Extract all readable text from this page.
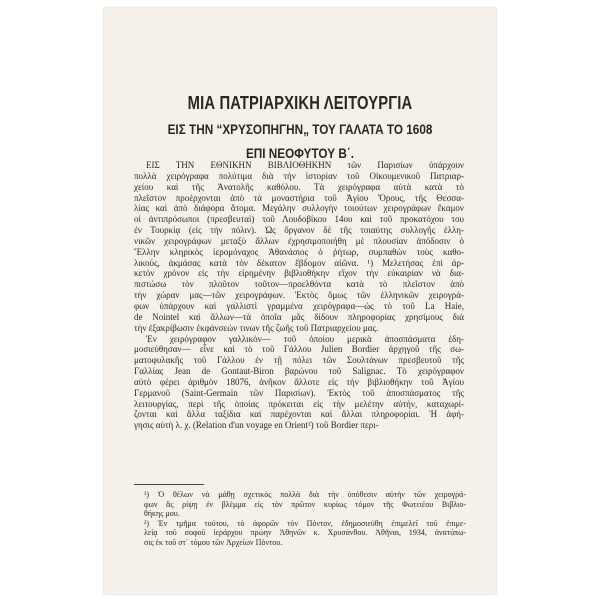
ΜΙΑ ΠΑΤΡΙΑΡΧΙΚΗ ΛΕΙΤΟΥΡΓΙΑ
ΕΙΣ ΤΗΝ “ΧΡΥΣΟΠΗΓΗΝ„ ΤΟΥ ΓΑΛΑΤΑ ΤΟ 1608
ΕΠΙ ΝΕΟΦΥΤΟΥ Β΄.
ΕΙΣ ΤΗΝ ΕΘΝΙΚΗΝ ΒΙΒΛΙΟΘΗΚΗΝ τῶν Παρισίων ὑπάρχουν
πολλὰ χειρόγραφα πολύτιμα διὰ τὴν ἱστορίαν τοῦ Οἰκουμενικοῦ Πατριαρ-
χείου καὶ τῆς Ἀνατολῆς καθόλου. Τὰ χειρόγραφα αὐτὰ κατὰ τὸ
πλεῖστον προέρχονται ἀπὸ τὰ μοναστήρια τοῦ Ἁγίου Ὄρους, τῆς Θεσσα-
λίας καὶ ἀπὸ διάφορα ἄτομα. Μεγάλην συλλογὴν τοιούτων χειρογράφων ἔκαμον
οἱ ἀντιπρόσωποι (πρεσβευταὶ) τοῦ Λουδοβίκου 14ου καὶ τοῦ προκατόχου του
ἐν Τουρκίᾳ (εἰς τὴν πόλιν). Ὡς ὄργανον δὲ τῆς τοιαύτης συλλογῆς ἑλλη-
νικῶν χειρογράφων μεταξὺ ἄλλων ἐχρησιμοποιήθη μὲ πλουσίαν ἀπόδοσιν ὁ
Ἕλλην κληρικὸς ἱερομόναχος Ἀθανάσιος ὁ ῥήτωρ, συμπαθὼν τοὺς καθο-
λικούς, ἀκμάσας κατὰ τὸν δέκατον ἕβδομον αἰῶνα. ¹) Μελετήσας ἐπὶ ἀρ-
κετὸν χρόνον εἰς τὴν εἰρημένην βιβλιοθήκην εἴχον τὴν εὐκαιρίαν νὰ δια-
πιστώσω τὸν πλοῦτον τοῦτον—προελθόντα κατὰ τὸ πλεῖστον ἀπὸ
τὴν χώραν μας—τῶν χειρογράφων. Ἐκτὸς ὅμως τῶν ἑλληνικῶν χειρογρά-
φων ὑπάρχουν καὶ γαλλιστὶ γραμμένα χειρόγραφα—ὡς τὸ τοῦ La Haie,
de Nointel καὶ ἄλλων—τὰ ὁποῖα μᾶς δίδουν πληροφορίας χρησίμους διὰ
τὴν ἐξακρίβωσιν ἐκφάνσεών τινων τῆς ζωῆς τοῦ Πατριαρχείου μας.
Ἐν χειρόγραφον γαλλικὸν— τοῦ ὁποίου μερικὰ ἀποσπάσματα ἐδη-
μοσιεύθησαν— εἶνε καὶ τὸ τοῦ Γάλλου Julien Bordier ἀρχηγοῦ τῆς σω-
ματοφυλακῆς τοῦ Γάλλου ἐν τῇ πόλει τῶν Σουλτάνων πρεσβευτοῦ τῆς
Γαλλίας Jean de Gontaut-Biron βαρώνου τοῦ Salignac. Τὸ χειρόγραφον
αὐτὸ φέρει ἀριθμὸν 18076, ἀνῆκον ἄλλοτε εἰς τὴν βιβλιοθήκην τοῦ Ἁγίου
Γερμανοῦ (Saint-Germain τῶν Παρισίων). Ἐκτὸς τοῦ ἀποσπάσματος τῆς
λειτουργίας, περὶ τῆς ὁποίας πρόκειται εἰς τὴν μελέτην αὐτήν, καταχωρί-
ζονται καὶ ἄλλα ταξίδια καὶ παρέχονται καὶ ἄλλαι πληροφορίαι. Ἡ ἀφή-
γησις αὐτὴ λ. χ. (Relation d'un voyage en Orient²) τοῦ Bordier περι-
¹) Ὁ θέλων νὰ μάθῃ σχετικὸς πολλὰ διὰ τὴν ὑπόθεσιν αὐτὴν τῶν χειρογρά-
φων ἂς ρίψῃ ἐν βλέμμα εἰς τὸν πρῶτον κυρίως τόμον τῆς Φωτειέου Βιβλιο-
θήκης μου.
²) Ἐν τμῆμα τούτου, τὸ ἀφορῶν τὸν Πόντον, ἐδημοσιεύθη ἐπιμελεῖ τοῦ ἐπιμε-
λείᾳ τοῦ σοφοῦ ἱεράρχου πρώην Ἀθηνῶν κ. Χρυσάνθου. Ἀθῆναι, 1934, ἀνατύπω-
σις ἐκ τοῦ στ΄ τόμου τῶν Ἀρχείων Πόντου.
